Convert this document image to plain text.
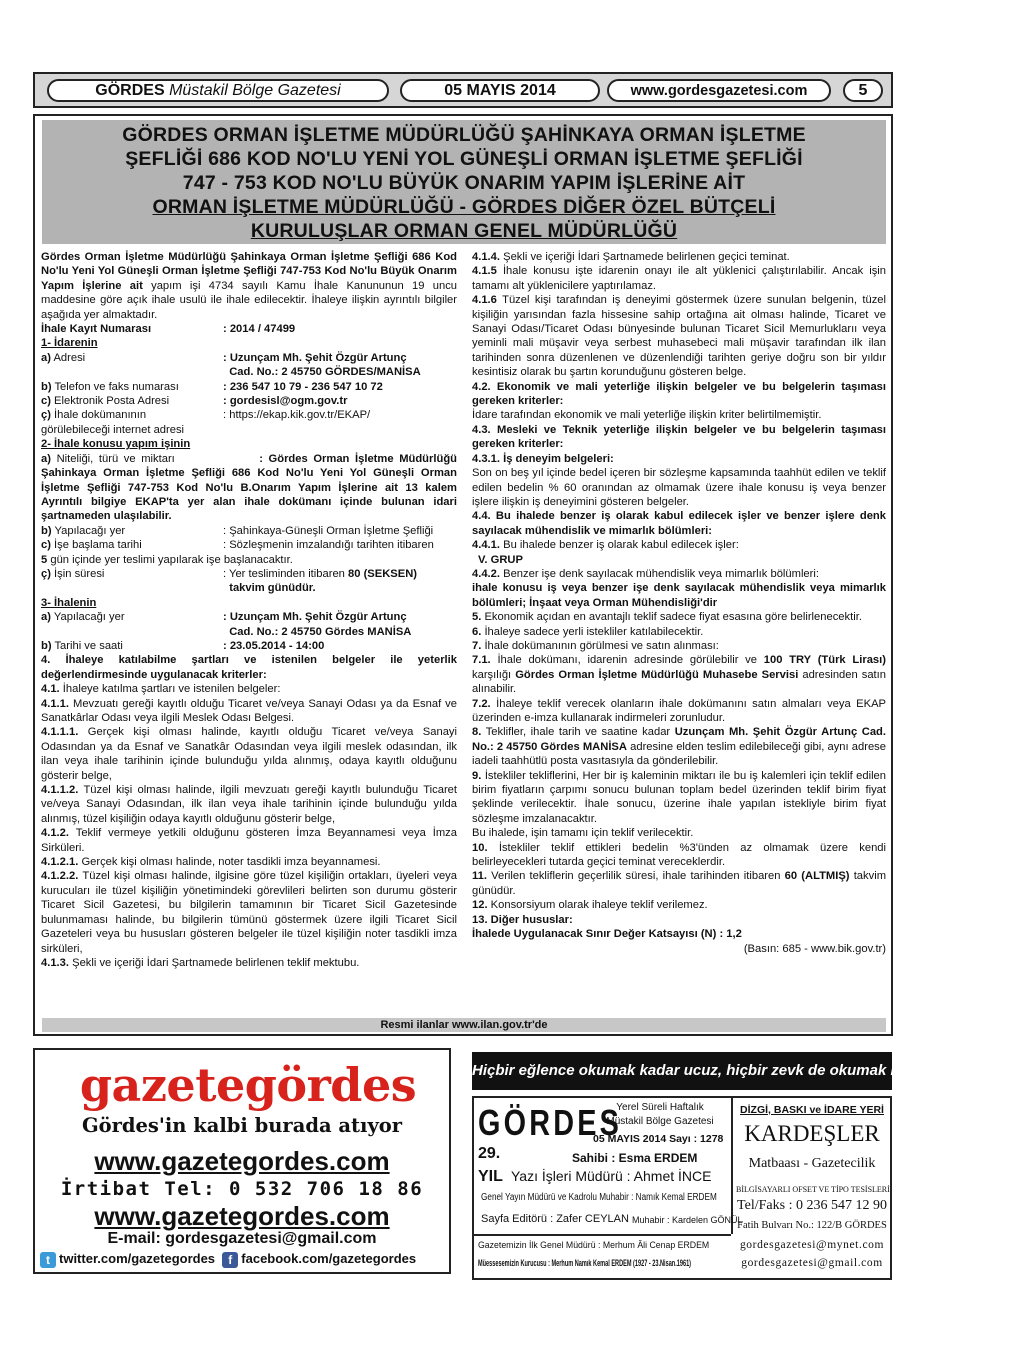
GÖRDES Müstakil Bölge Gazetesi	05 MAYIS 2014	www.gordesgazetesi.com	5
GÖRDES ORMAN İŞLETME MÜDÜRLÜĞÜ ŞAHİNKAYA ORMAN İŞLETME
ŞEFLİĞİ 686 KOD NO'LU YENİ YOL GÜNEŞLİ ORMAN İŞLETME ŞEFLİĞİ
747 - 753 KOD NO'LU BÜYÜK ONARIM YAPIM İŞLERİNE AİT
ORMAN İŞLETME MÜDÜRLÜĞÜ - GÖRDES DİĞER ÖZEL BÜTÇELİ
KURULUŞLAR ORMAN GENEL MÜDÜRLÜĞÜ

Gördes Orman İşletme Müdürlüğü Şahinkaya Orman İşletme Şefliği 686 Kod No'lu Yeni Yol Güneşli Orman İşletme Şefliği 747-753 Kod No'lu Büyük Onarım Yapım İşlerine ait yapım işi 4734 sayılı Kamu İhale Kanununun 19 uncu maddesine göre açık ihale usulü ile ihale edilecektir. İhaleye ilişkin ayrıntılı bilgiler aşağıda yer almaktadır.

İhale Kayıt Numarası	: 2014 / 47499
1- İdarenin
a) Adresi	: Uzunçam Mh. Şehit Özgür Artunç
Cad. No.: 2 45750 GÖRDES/MANİSA
b) Telefon ve faks numarası	: 236 547 10 79 - 236 547 10 72
c) Elektronik Posta Adresi	: gordesisl@ogm.gov.tr
ç) İhale dokümanının	: https://ekap.kik.gov.tr/EKAP/
görülebileceği internet adresi
2- İhale konusu yapım işinin

a) Niteliği, türü ve miktarı               : Gördes Orman İşletme Müdürlüğü Şahinkaya Orman İşletme Şefliği 686 Kod No'lu Yeni Yol Güneşli Orman İşletme Şefliği 747-753 Kod No'lu B.Onarım Yapım İşlerine ait 13 kalem Ayrıntılı bilgiye EKAP'ta yer alan ihale dokümanı içinde bulunan idari şartnameden ulaşılabilir.

b) Yapılacağı yer	: Şahinkaya-Güneşli Orman İşletme Şefliği
c) İşe başlama tarihi	: Sözleşmenin imzalandığı tarihten itibaren
5 gün içinde yer teslimi yapılarak işe başlanacaktır.
ç) İşin süresi	: Yer tesliminden itibaren 80 (SEKSEN)
takvim günüdür.
3- İhalenin
a) Yapılacağı yer	: Uzunçam Mh. Şehit Özgür Artunç
Cad. No.: 2 45750 Gördes MANİSA
b) Tarihi ve saati	: 23.05.2014 - 14:00

4. İhaleye katılabilme şartları ve istenilen belgeler ile yeterlik değerlendirmesinde uygulanacak kriterler:

4.1. İhaleye katılma şartları ve istenilen belgeler:

4.1.1. Mevzuatı gereği kayıtlı olduğu Ticaret ve/veya Sanayi Odası ya da Esnaf ve Sanatkârlar Odası veya ilgili Meslek Odası Belgesi.

4.1.1.1. Gerçek kişi olması halinde, kayıtlı olduğu Ticaret ve/veya Sanayi Odasından ya da Esnaf ve Sanatkâr Odasından veya ilgili meslek odasından, ilk ilan veya ihale tarihinin içinde bulunduğu yılda alınmış, odaya kayıtlı olduğunu gösterir belge,

4.1.1.2. Tüzel kişi olması halinde, ilgili mevzuatı gereği kayıtlı bulunduğu Ticaret ve/veya Sanayi Odasından, ilk ilan veya ihale tarihinin içinde bulunduğu yılda alınmış, tüzel kişiliğin odaya kayıtlı olduğunu gösterir belge,

4.1.2. Teklif vermeye yetkili olduğunu gösteren İmza Beyannamesi veya İmza Sirküleri.

4.1.2.1. Gerçek kişi olması halinde, noter tasdikli imza beyannamesi.

4.1.2.2. Tüzel kişi olması halinde, ilgisine göre tüzel kişiliğin ortakları, üyeleri veya kurucuları ile tüzel kişiliğin yönetimindeki görevlileri belirten son durumu gösterir Ticaret Sicil Gazetesi, bu bilgilerin tamamının bir Ticaret Sicil Gazetesinde bulunmaması halinde, bu bilgilerin tümünü göstermek üzere ilgili Ticaret Sicil Gazeteleri veya bu hususları gösteren belgeler ile tüzel kişiliğin noter tasdikli imza sirküleri,

4.1.3. Şekli ve içeriği İdari Şartnamede belirlenen teklif mektubu.

4.1.4. Şekli ve içeriği İdari Şartnamede belirlenen geçici teminat.

4.1.5 İhale konusu işte idarenin onayı ile alt yüklenici çalıştırılabilir. Ancak işin tamamı alt yüklenicilere yaptırılamaz.

4.1.6 Tüzel kişi tarafından iş deneyimi göstermek üzere sunulan belgenin, tüzel kişiliğin yarısından fazla hissesine sahip ortağına ait olması halinde, Ticaret ve Sanayi Odası/Ticaret Odası bünyesinde bulunan Ticaret Sicil Memurluklarıı veya yeminli mali müşavir veya serbest muhasebeci mali müşavir tarafından ilk ilan tarihinden sonra düzenlenen ve düzenlendiği tarihten geriye doğru son bir yıldır kesintisiz olarak bu şartın korunduğunu gösteren belge.

4.2. Ekonomik ve mali yeterliğe ilişkin belgeler ve bu belgelerin taşıması gereken kriterler:

İdare tarafından ekonomik ve mali yeterliğe ilişkin kriter belirtilmemiştir.

4.3. Mesleki ve Teknik yeterliğe ilişkin belgeler ve bu belgelerin taşıması gereken kriterler:

4.3.1. İş deneyim belgeleri:

Son on beş yıl içinde bedel içeren bir sözleşme kapsamında taahhüt edilen ve teklif edilen bedelin % 60 oranından az olmamak üzere ihale konusu iş veya benzer işlere ilişkin iş deneyimini gösteren belgeler.

4.4. Bu ihalede benzer iş olarak kabul edilecek işler ve benzer işlere denk sayılacak mühendislik ve mimarlık bölümleri:

4.4.1. Bu ihalede benzer iş olarak kabul edilecek işler:

V. GRUP

4.4.2. Benzer işe denk sayılacak mühendislik veya mimarlık bölümleri:

ihale konusu iş veya benzer işe denk sayılacak mühendislik veya mimarlık bölümleri; İnşaat veya Orman Mühendisliği'dir

5. Ekonomik açıdan en avantajlı teklif sadece fiyat esasına göre belirlenecektir.

6. İhaleye sadece yerli istekliler katılabilecektir.

7. İhale dokümanının görülmesi ve satın alınması:

7.1. İhale dokümanı, idarenin adresinde görülebilir ve 100 TRY (Türk Lirası) karşılığı Gördes Orman İşletme Müdürlüğü Muhasebe Servisi adresinden satın alınabilir.

7.2. İhaleye teklif verecek olanların ihale dokümanını satın almaları veya EKAP üzerinden e-imza kullanarak indirmeleri zorunludur.

8. Teklifler, ihale tarih ve saatine kadar Uzunçam Mh. Şehit Özgür Artunç Cad. No.: 2 45750 Gördes MANİSA adresine elden teslim edilebileceği gibi, aynı adrese iadeli taahhütlü posta vasıtasıyla da gönderilebilir.

9. İstekliler tekliflerini, Her bir iş kaleminin miktarı ile bu iş kalemleri için teklif edilen birim fiyatların çarpımı sonucu bulunan toplam bedel üzerinden teklif birim fiyat şeklinde verilecektir. İhale sonucu, üzerine ihale yapılan istekliyle birim fiyat sözleşme imzalanacaktır.

Bu ihalede, işin tamamı için teklif verilecektir.

10. İstekliler teklif ettikleri bedelin %3'ünden az olmamak üzere kendi belirleyecekleri tutarda geçici teminat vereceklerdir.

11. Verilen tekliflerin geçerlilik süresi, ihale tarihinden itibaren 60 (ALTMIŞ) takvim günüdür.

12. Konsorsiyum olarak ihaleye teklif verilemez.

13. Diğer hususlar:

İhalede Uygulanacak Sınır Değer Katsayısı (N) : 1,2

(Basın: 685 - www.bik.gov.tr)

Resmi ilanlar www.ilan.gov.tr'de
gazetegördes
Gördes'in kalbi burada atıyor
www.gazetegordes.com
İrtibat Tel: 0 532 706 18 86
www.gazetegordes.com
E-mail: gordesgazetesi@gmail.com
t twitter.com/gazetegordes f facebook.com/gazetegordes
Hiçbir eğlence okumak kadar ucuz, hiçbir zevk de okumak kadar kalıcı olamaz.
GÖRDES
Yerel Süreli Haftalık
Müstakil Bölge Gazetesi
05 MAYIS 2014 Sayı : 1278
29.
YIL
Sahibi : Esma ERDEM
Yazı İşleri Müdürü : Ahmet İNCE
Genel Yayın Müdürü ve Kadrolu Muhabir : Namık Kemal ERDEM
Sayfa Editörü : Zafer CEYLAN Muhabir : Kardelen GÖNÜL
Gazetemizin İlk Genel Müdürü : Merhum Âli Cenap ERDEM
Müessesemizin Kurucusu : Merhum Namık Kemal ERDEM (1927 - 23.Nisan.1961)
DİZGİ, BASKI ve İDARE YERİ
KARDEŞLER
Matbaası - Gazetecilik
BİLGİSAYARLI OFSET VE TİPO TESİSLERİ
Tel/Faks : 0 236 547 12 90
Fatih Bulvarı No.: 122/B GÖRDES
gordesgazetesi@mynet.com
gordesgazetesi@gmail.com
